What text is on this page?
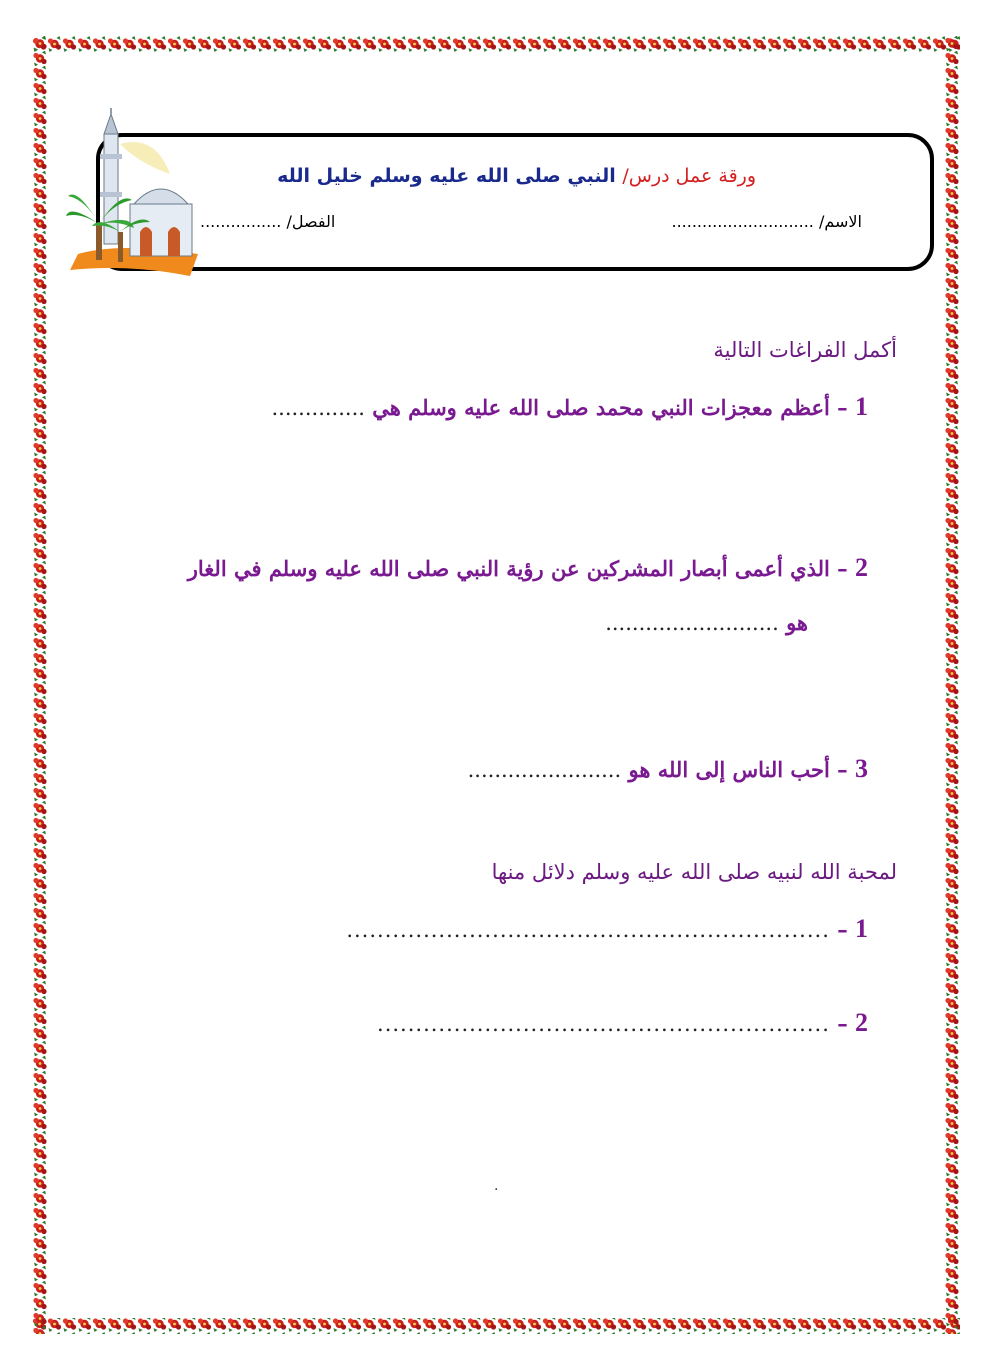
ورقة عمل درس/ النبي صلى الله عليه وسلم خليل الله
الاسم/ ............................
الفصل/ ................
أكمل الفراغات التالية
1 – أعظم معجزات النبي محمد صلى الله عليه وسلم هي ..............
2 – الذي أعمى أبصار المشركين عن رؤية النبي صلى الله عليه وسلم في الغار
هو ..........................
3 – أحب الناس إلى الله هو .......................
لمحبة الله لنبيه صلى الله عليه وسلم دلائل منها
1 – ...............................................................
2 – ...........................................................
.
